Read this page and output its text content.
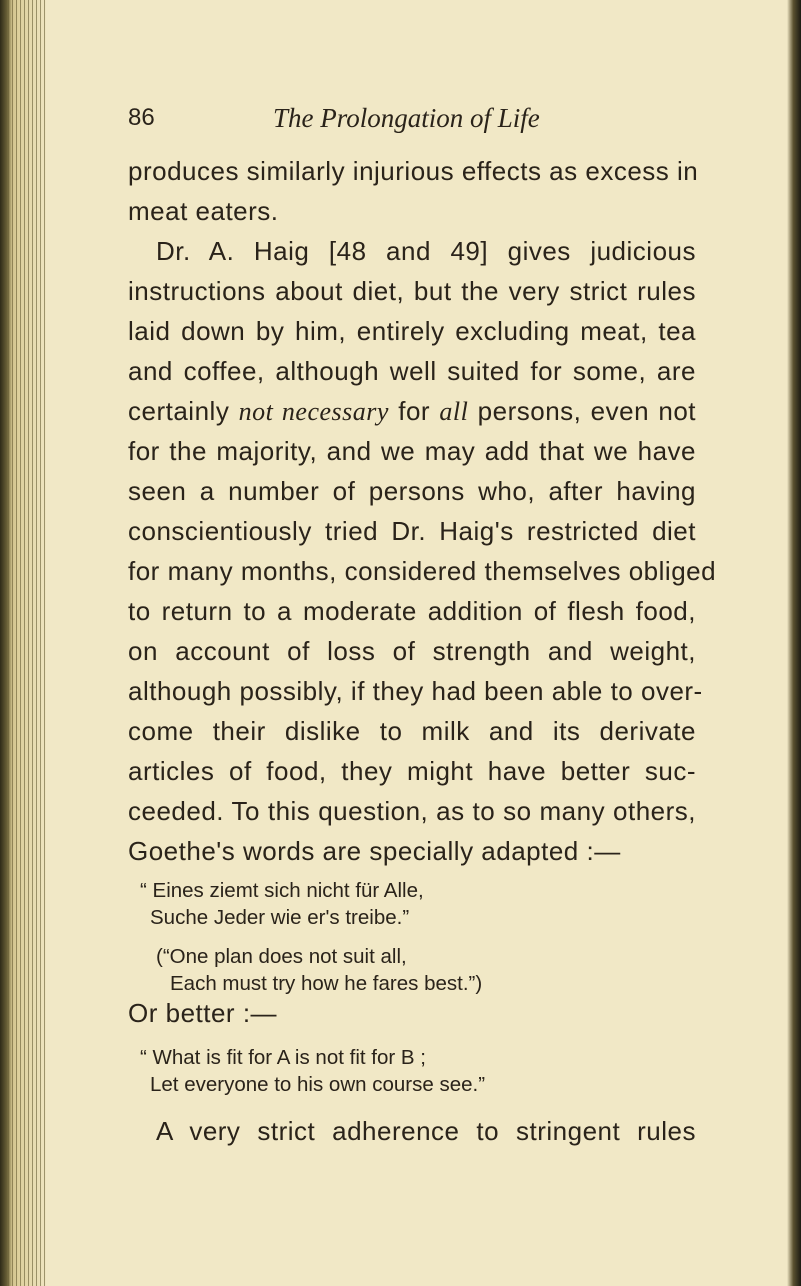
86	The Prolongation of Life
produces similarly injurious effects as excess in
meat eaters.
Dr. A. Haig [48 and 49] gives judicious
instructions about diet, but the very strict rules
laid down by him, entirely excluding meat, tea
and coffee, although well suited for some, are
certainly not necessary for all persons, even not
for the majority, and we may add that we have
seen a number of persons who, after having
conscientiously tried Dr. Haig's restricted diet
for many months, considered themselves obliged
to return to a moderate addition of flesh food,
on account of loss of strength and weight,
although possibly, if they had been able to over-
come their dislike to milk and its derivate
articles of food, they might have better suc-
ceeded. To this question, as to so many others,
Goethe's words are specially adapted :—
“ Eines ziemt sich nicht für Alle,
Suche Jeder wie er's treibe.”
(“One plan does not suit all,
Each must try how he fares best.”)
Or better :—
“ What is fit for A is not fit for B ;
Let everyone to his own course see.”
A very strict adherence to stringent rules
